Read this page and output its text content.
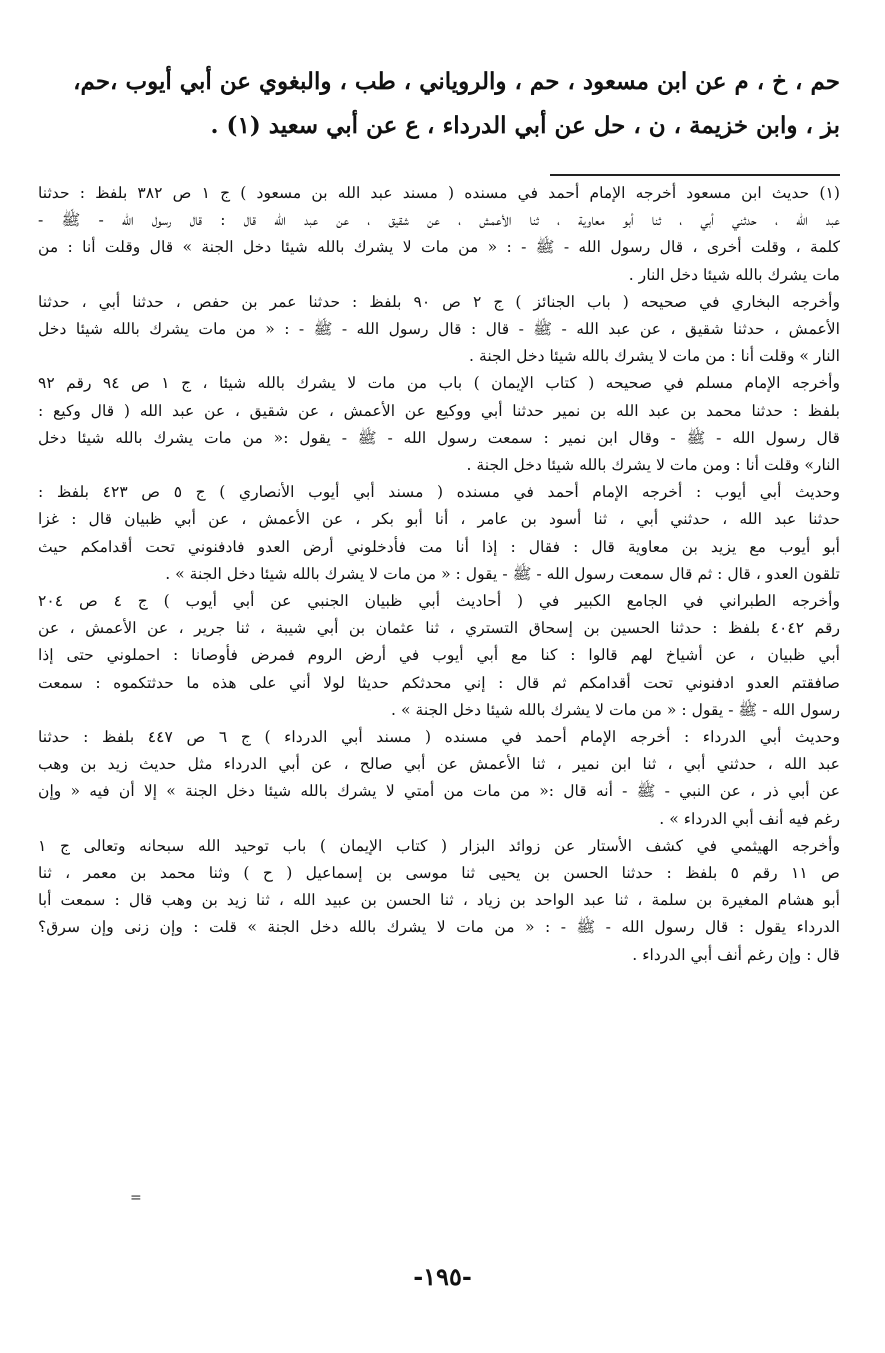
حم ، خ ، م عن ابن مسعود ، حم ، والروياني ، طب ، والبغوي عن أبي أيوب ،حم،
بز ، وابن خزيمة ، ن ، حل عن أبي الدرداء ، ع عن أبي سعيد (١) .
(١) حديث ابن مسعود أخرجه الإمام أحمد في مسنده ( مسند عبد الله بن مسعود ) ج ١ ص ٣٨٢ بلفظ : حدثنا
عبد الله ، حدثني أبي ، ثنا أبو معاوية ، ثنا الأعمش ، عن شقيق ، عن عبد الله قال : قال رسول الله - ﷺ -
كلمة ، وقلت أخرى ، قال رسول الله - ﷺ - : « من مات لا يشرك بالله شيئا دخل الجنة » قال وقلت أنا : من
مات يشرك بالله شيئا دخل النار .
وأخرجه البخاري في صحيحه ( باب الجنائز ) ج ٢ ص ٩٠ بلفظ : حدثنا عمر بن حفص ، حدثنا أبي ، حدثنا
الأعمش ، حدثنا شقيق ، عن عبد الله - ﷺ - قال : قال رسول الله - ﷺ - : « من مات يشرك بالله شيئا دخل
النار » وقلت أنا : من مات لا يشرك بالله شيئا دخل الجنة .
وأخرجه الإمام مسلم في صحيحه ( كتاب الإيمان ) باب من مات لا يشرك بالله شيئا ، ج ١ ص ٩٤ رقم ٩٢
بلفظ : حدثنا محمد بن عبد الله بن نمير حدثنا أبي ووكيع عن الأعمش ، عن شقيق ، عن عبد الله ( قال وكيع :
قال رسول الله - ﷺ - وقال ابن نمير : سمعت رسول الله - ﷺ - يقول :« من مات يشرك بالله شيئا دخل
النار» وقلت أنا : ومن مات لا يشرك بالله شيئا دخل الجنة .
وحديث أبي أيوب : أخرجه الإمام أحمد في مسنده ( مسند أبي أيوب الأنصاري ) ج ٥ ص ٤٢٣ بلفظ :
حدثنا عبد الله ، حدثني أبي ، ثنا أسود بن عامر ، أنا أبو بكر ، عن الأعمش ، عن أبي ظبيان قال : غزا
أبو أيوب مع يزيد بن معاوية قال : فقال : إذا أنا مت فأدخلوني أرض العدو فادفنوني تحت أقدامكم حيث
تلقون العدو ، قال : ثم قال سمعت رسول الله - ﷺ - يقول : « من مات لا يشرك بالله شيئا دخل الجنة » .
وأخرجه الطبراني في الجامع الكبير في ( أحاديث أبي ظبيان الجنبي عن أبي أيوب ) ج ٤ ص ٢٠٤
رقم ٤٠٤٢ بلفظ : حدثنا الحسين بن إسحاق التستري ، ثنا عثمان بن أبي شيبة ، ثنا جرير ، عن الأعمش ، عن
أبي ظبيان ، عن أشياخ لهم قالوا : كنا مع أبي أيوب في أرض الروم فمرض فأوصانا : احملوني حتى إذا
صافقتم العدو ادفنوني تحت أقدامكم ثم قال : إني محدثكم حديثا لولا أني على هذه ما حدثتكموه : سمعت
رسول الله - ﷺ - يقول : « من مات لا يشرك بالله شيئا دخل الجنة » .
وحديث أبي الدرداء : أخرجه الإمام أحمد في مسنده ( مسند أبي الدرداء ) ج ٦ ص ٤٤٧ بلفظ : حدثنا
عبد الله ، حدثني أبي ، ثنا ابن نمير ، ثنا الأعمش عن أبي صالح ، عن أبي الدرداء مثل حديث زيد بن وهب
عن أبي ذر ، عن النبي - ﷺ - أنه قال :« من مات من أمتي لا يشرك بالله شيئا دخل الجنة » إلا أن فيه « وإن
رغم فيه أنف أبي الدرداء » .
وأخرجه الهيثمي في كشف الأستار عن زوائد البزار ( كتاب الإيمان ) باب توحيد الله سبحانه وتعالى ج ١
ص ١١ رقم ٥ بلفظ : حدثنا الحسن بن يحيى ثنا موسى بن إسماعيل ( ح ) وثنا محمد بن معمر ، ثنا
أبو هشام المغيرة بن سلمة ، ثنا عبد الواحد بن زياد ، ثنا الحسن بن عبيد الله ، ثنا زيد بن وهب قال : سمعت أبا
الدرداء يقول : قال رسول الله - ﷺ - : « من مات لا يشرك بالله دخل الجنة » قلت : وإن زنى وإن سرق؟
قال : وإن رغم أنف أبي الدرداء .
=
-١٩٥-
